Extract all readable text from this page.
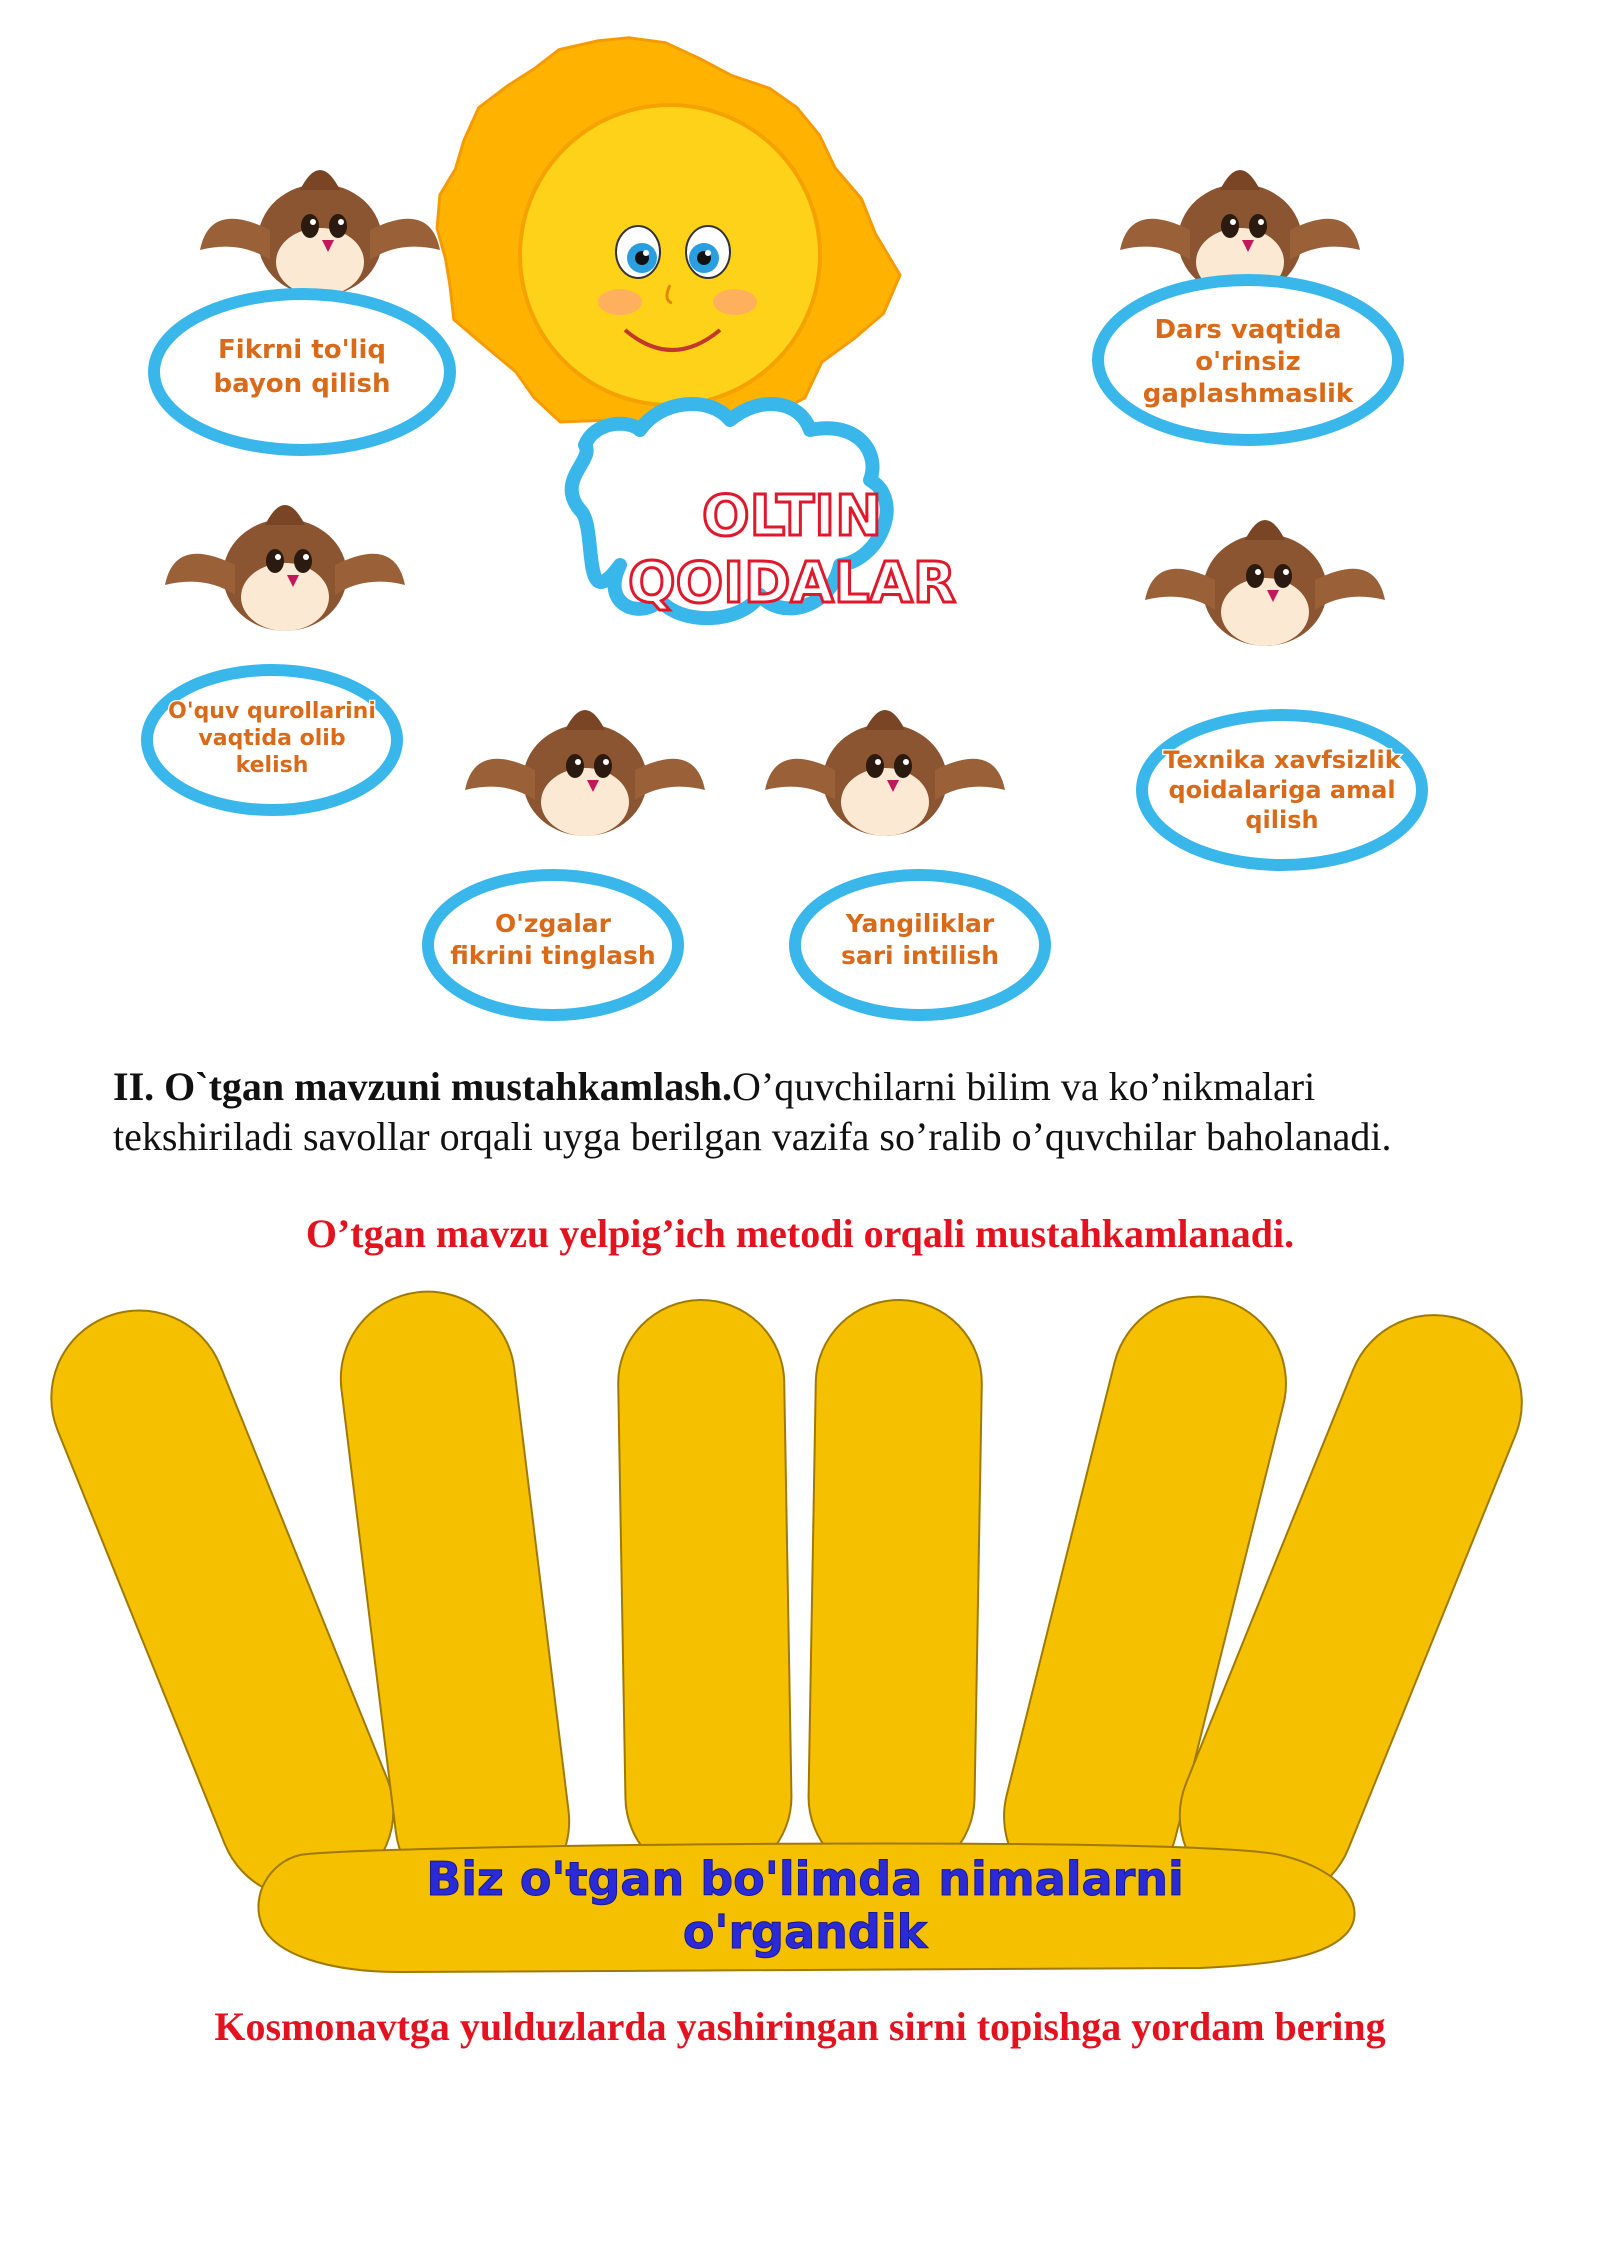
OLTIN
QOIDALAR
Fikrni to'liq
bayon qilish
Dars vaqtida
o'rinsiz
gaplashmaslik
O'quv qurollarini
vaqtida olib
kelish	Texnika xavfsizlik
qoidalariga amal
qilish
O'zgalar
fikrini tinglash
Yangiliklar
sari intilish
II. O`tgan mavzuni mustahkamlash.O’quvchilarni bilim va ko’nikmalari tekshiriladi savollar orqali uyga berilgan vazifa so’ralib o’quvchilar baholanadi.
O’tgan mavzu yelpig’ich metodi orqali mustahkamlanadi.
Biz o'tgan bo'limda nimalarni
o'rgandik
Kosmonavtga yulduzlarda yashiringan sirni topishga yordam bering
